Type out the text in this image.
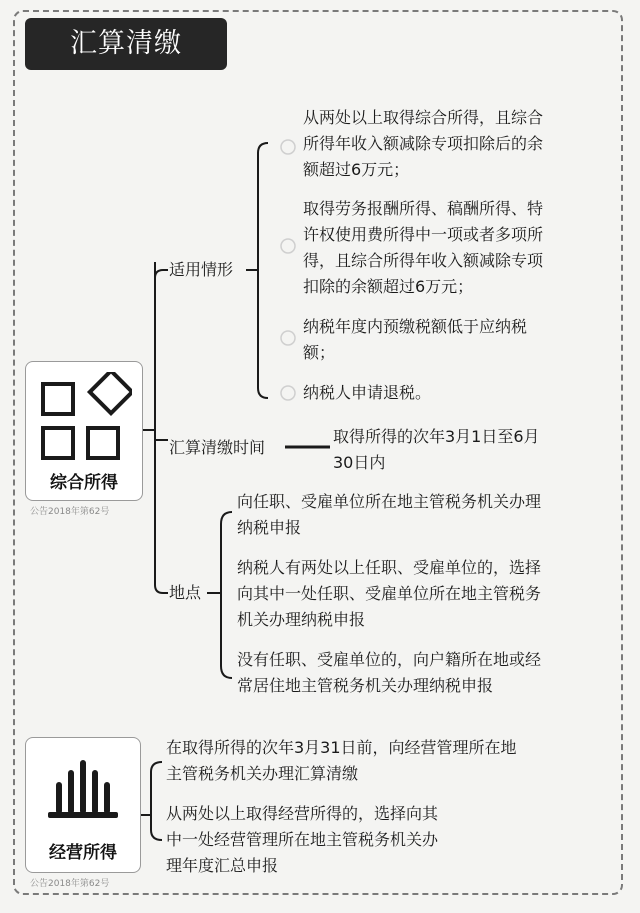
汇算清缴
综合所得
公告2018年第62号
经营所得
公告2018年第62号
适用情形
汇算清缴时间
地点
从两处以上取得综合所得，且综合
所得年收入额减除专项扣除后的余
额超过6万元；
取得劳务报酬所得、稿酬所得、特
许权使用费所得中一项或者多项所
得，且综合所得年收入额减除专项
扣除的余额超过6万元；
纳税年度内预缴税额低于应纳税
额；
纳税人申请退税。
取得所得的次年3月1日至6月
30日内
向任职、受雇单位所在地主管税务机关办理
纳税申报
纳税人有两处以上任职、受雇单位的，选择
向其中一处任职、受雇单位所在地主管税务
机关办理纳税申报
没有任职、受雇单位的，向户籍所在地或经
常居住地主管税务机关办理纳税申报
在取得所得的次年3月31日前，向经营管理所在地
主管税务机关办理汇算清缴
从两处以上取得经营所得的，选择向其
中一处经营管理所在地主管税务机关办
理年度汇总申报
